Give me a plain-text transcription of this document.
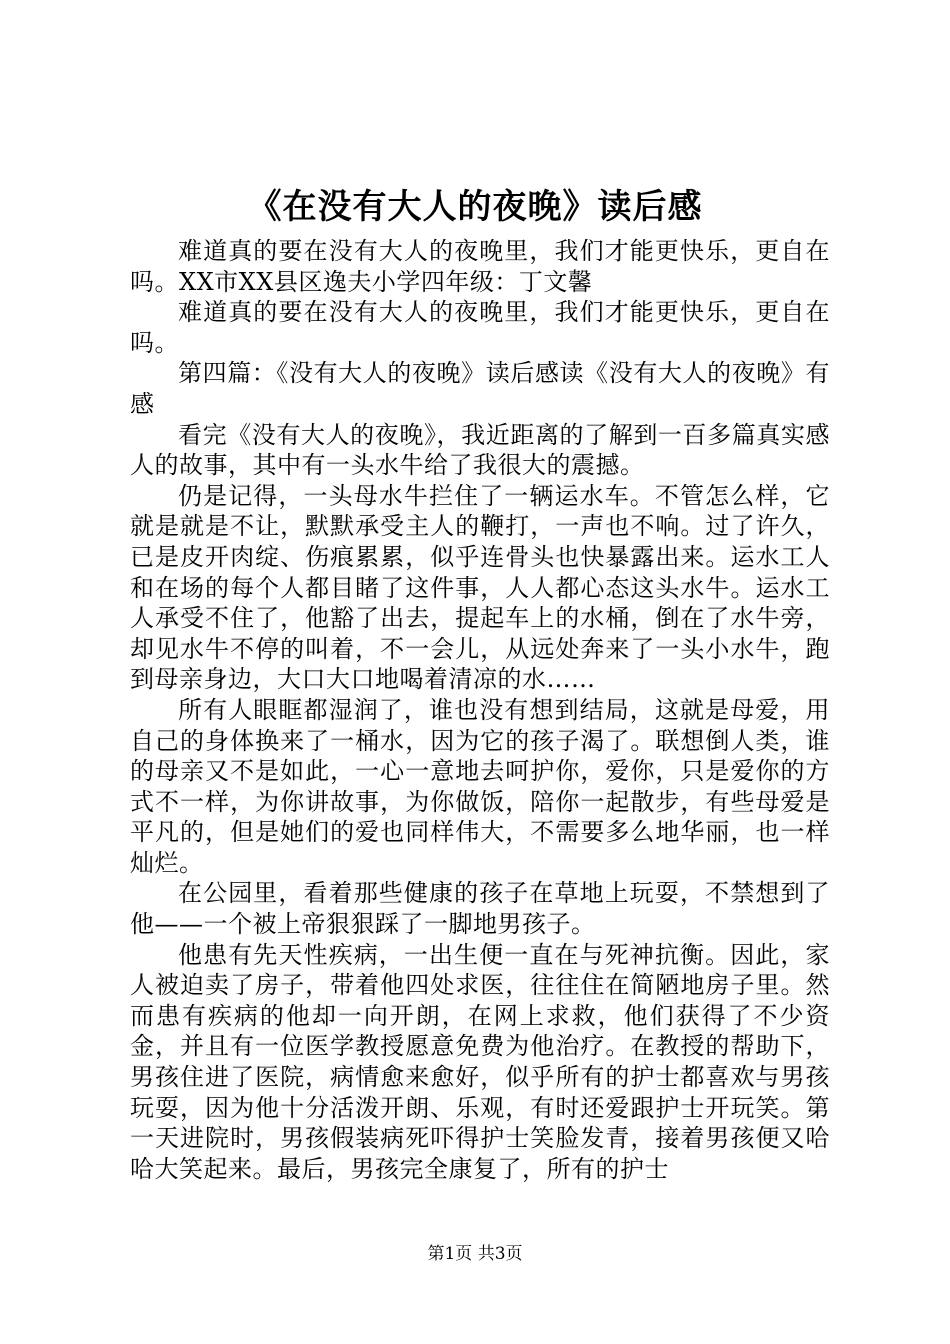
《在没有大人的夜晚》读后感

难道真的要在没有大人的夜晚里，我们才能更快乐，更自在吗。XX市XX县区逸夫小学四年级：丁文馨

难道真的要在没有大人的夜晚里，我们才能更快乐，更自在吗。

第四篇：《没有大人的夜晚》读后感读《没有大人的夜晚》有感

看完《没有大人的夜晚》，我近距离的了解到一百多篇真实感人的故事，其中有一头水牛给了我很大的震撼。

仍是记得，一头母水牛拦住了一辆运水车。不管怎么样，它就是就是不让，默默承受主人的鞭打，一声也不响。过了许久，已是皮开肉绽、伤痕累累，似乎连骨头也快暴露出来。运水工人和在场的每个人都目睹了这件事，人人都心态这头水牛。运水工人承受不住了，他豁了出去，提起车上的水桶，倒在了水牛旁，却见水牛不停的叫着，不一会儿，从远处奔来了一头小水牛，跑到母亲身边，大口大口地喝着清凉的水……

所有人眼眶都湿润了，谁也没有想到结局，这就是母爱，用自己的身体换来了一桶水，因为它的孩子渴了。联想倒人类，谁的母亲又不是如此，一心一意地去呵护你，爱你，只是爱你的方式不一样，为你讲故事，为你做饭，陪你一起散步，有些母爱是平凡的，但是她们的爱也同样伟大，不需要多么地华丽，也一样灿烂。

在公园里，看着那些健康的孩子在草地上玩耍，不禁想到了他——一个被上帝狠狠踩了一脚地男孩子。

他患有先天性疾病，一出生便一直在与死神抗衡。因此，家人被迫卖了房子，带着他四处求医，往往住在简陋地房子里。然而患有疾病的他却一向开朗，在网上求救，他们获得了不少资金，并且有一位医学教授愿意免费为他治疗。在教授的帮助下，男孩住进了医院，病情愈来愈好，似乎所有的护士都喜欢与男孩玩耍，因为他十分活泼开朗、乐观，有时还爱跟护士开玩笑。第一天进院时，男孩假装病死吓得护士笑脸发青，接着男孩便又哈哈大笑起来。最后，男孩完全康复了，所有的护士

第1页 共3页
